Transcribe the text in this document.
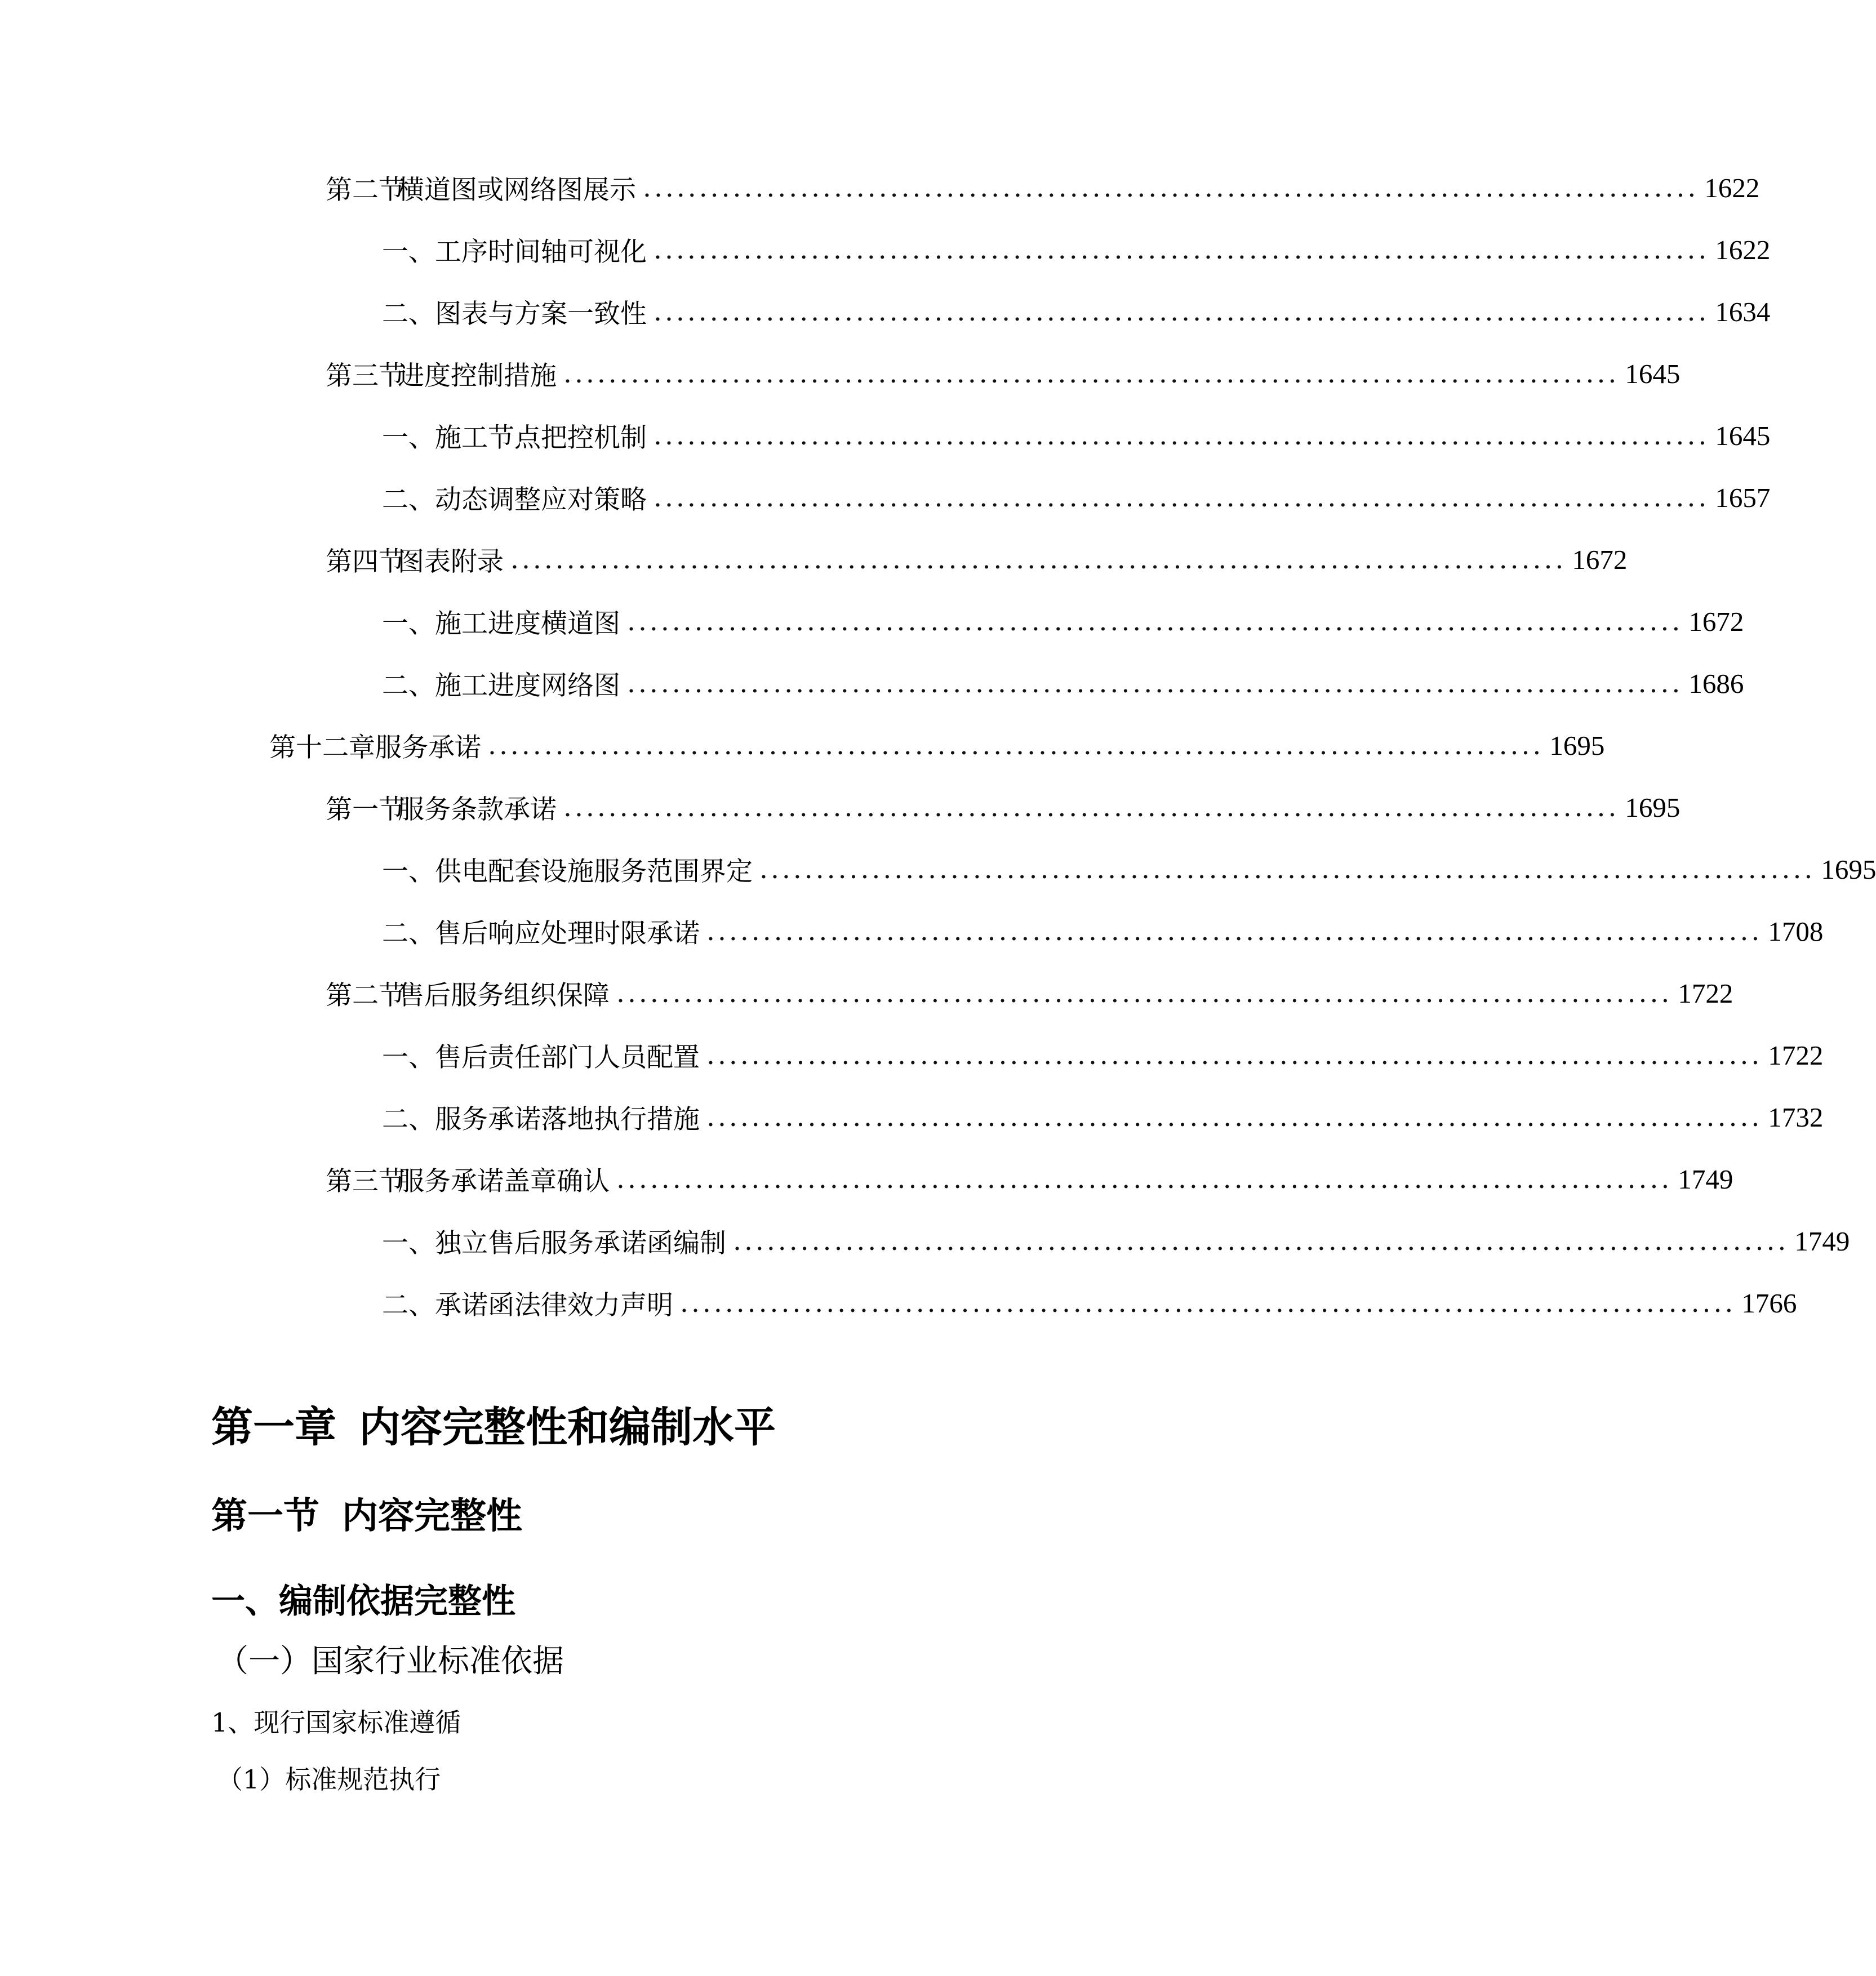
第二节
横道图或网络图展示 .............................................................................................. 1622
一、 工序时间轴可视化 .............................................................................................. 1622
二、 图表与方案一致性 .............................................................................................. 1634
第三节
进度控制措施 .............................................................................................. 1645
一、 施工节点把控机制 .............................................................................................. 1645
二、 动态调整应对策略 .............................................................................................. 1657
第四节
图表附录 .............................................................................................. 1672
一、 施工进度横道图 .............................................................................................. 1672
二、 施工进度网络图 .............................................................................................. 1686
第十二章 服务承诺 .............................................................................................. 1695
第一节
服务条款承诺 .............................................................................................. 1695
一、 供电配套设施服务范围界定 .............................................................................................. 1695
二、 售后响应处理时限承诺 .............................................................................................. 1708
第二节
售后服务组织保障 .............................................................................................. 1722
一、 售后责任部门人员配置 .............................................................................................. 1722
二、 服务承诺落地执行措施 .............................................................................................. 1732
第三节
服务承诺盖章确认 .............................................................................................. 1749
一、 独立售后服务承诺函编制 .............................................................................................. 1749
二、 承诺函法律效力声明 .............................................................................................. 1766
第一章 内容完整性和编制水平
第一节 内容完整性
一、编制依据完整性
（一）国家行业标准依据
1、现行国家标准遵循
（1）标准规范执行
